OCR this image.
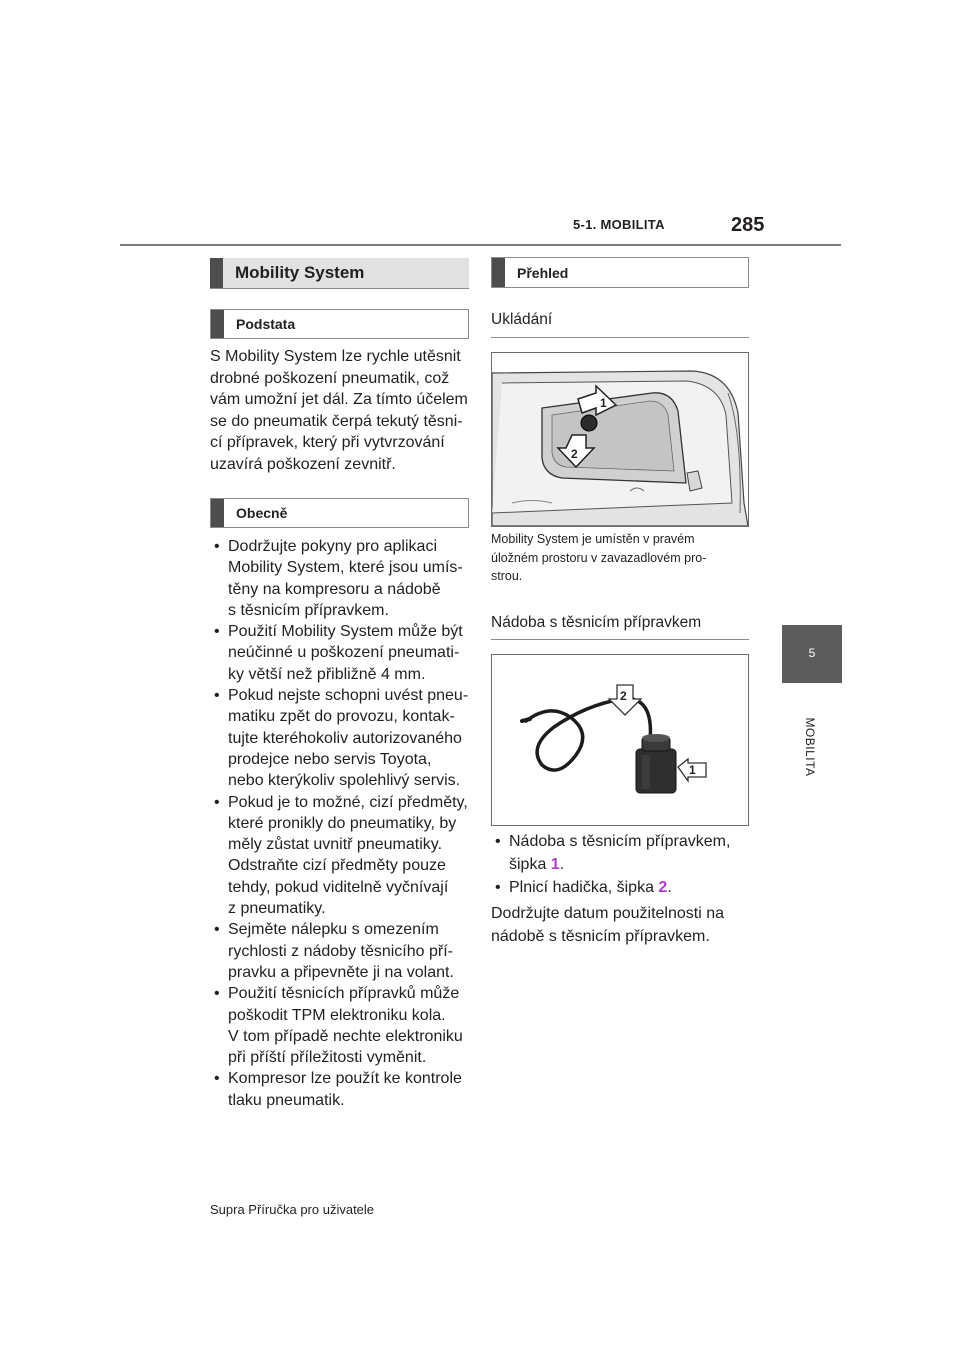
5-1. MOBILITA	285
5
MOBILITA
Mobility System
Podstata
S Mobility System lze rychle utěsnit
drobné poškození pneumatik, což
vám umožní jet dál. Za tímto účelem
se do pneumatik čerpá tekutý těsni-
cí přípravek, který při vytvrzování
uzavírá poškození zevnitř.
Obecně
• Dodržujte pokyny pro aplikaci
Mobility System, které jsou umís-
těny na kompresoru a nádobě
s těsnicím přípravkem.
• Použití Mobility System může být
neúčinné u poškození pneumati-
ky větší než přibližně 4 mm.
• Pokud nejste schopni uvést pneu-
matiku zpět do provozu, kontak-
tujte kteréhokoliv autorizovaného
prodejce nebo servis Toyota,
nebo kterýkoliv spolehlivý servis.
• Pokud je to možné, cizí předměty,
které pronikly do pneumatiky, by
měly zůstat uvnitř pneumatiky.
Odstraňte cizí předměty pouze
tehdy, pokud viditelně vyčnívají
z pneumatiky.
• Sejměte nálepku s omezením
rychlosti z nádoby těsnicího pří-
pravku a připevněte ji na volant.
• Použití těsnicích přípravků může
poškodit TPM elektroniku kola.
V tom případě nechte elektroniku
při příští příležitosti vyměnit.
• Kompresor lze použít ke kontrole
tlaku pneumatik.
Přehled
Ukládání
1
2
Mobility System je umístěn v pravém
úložném prostoru v zavazadlovém pro-
strou.
Nádoba s těsnicím přípravkem
2
1
• Nádoba s těsnicím přípravkem,
šipka 1.
• Plnicí hadička, šipka 2.
Dodržujte datum použitelnosti na
nádobě s těsnicím přípravkem.
Supra Příručka pro uživatele
